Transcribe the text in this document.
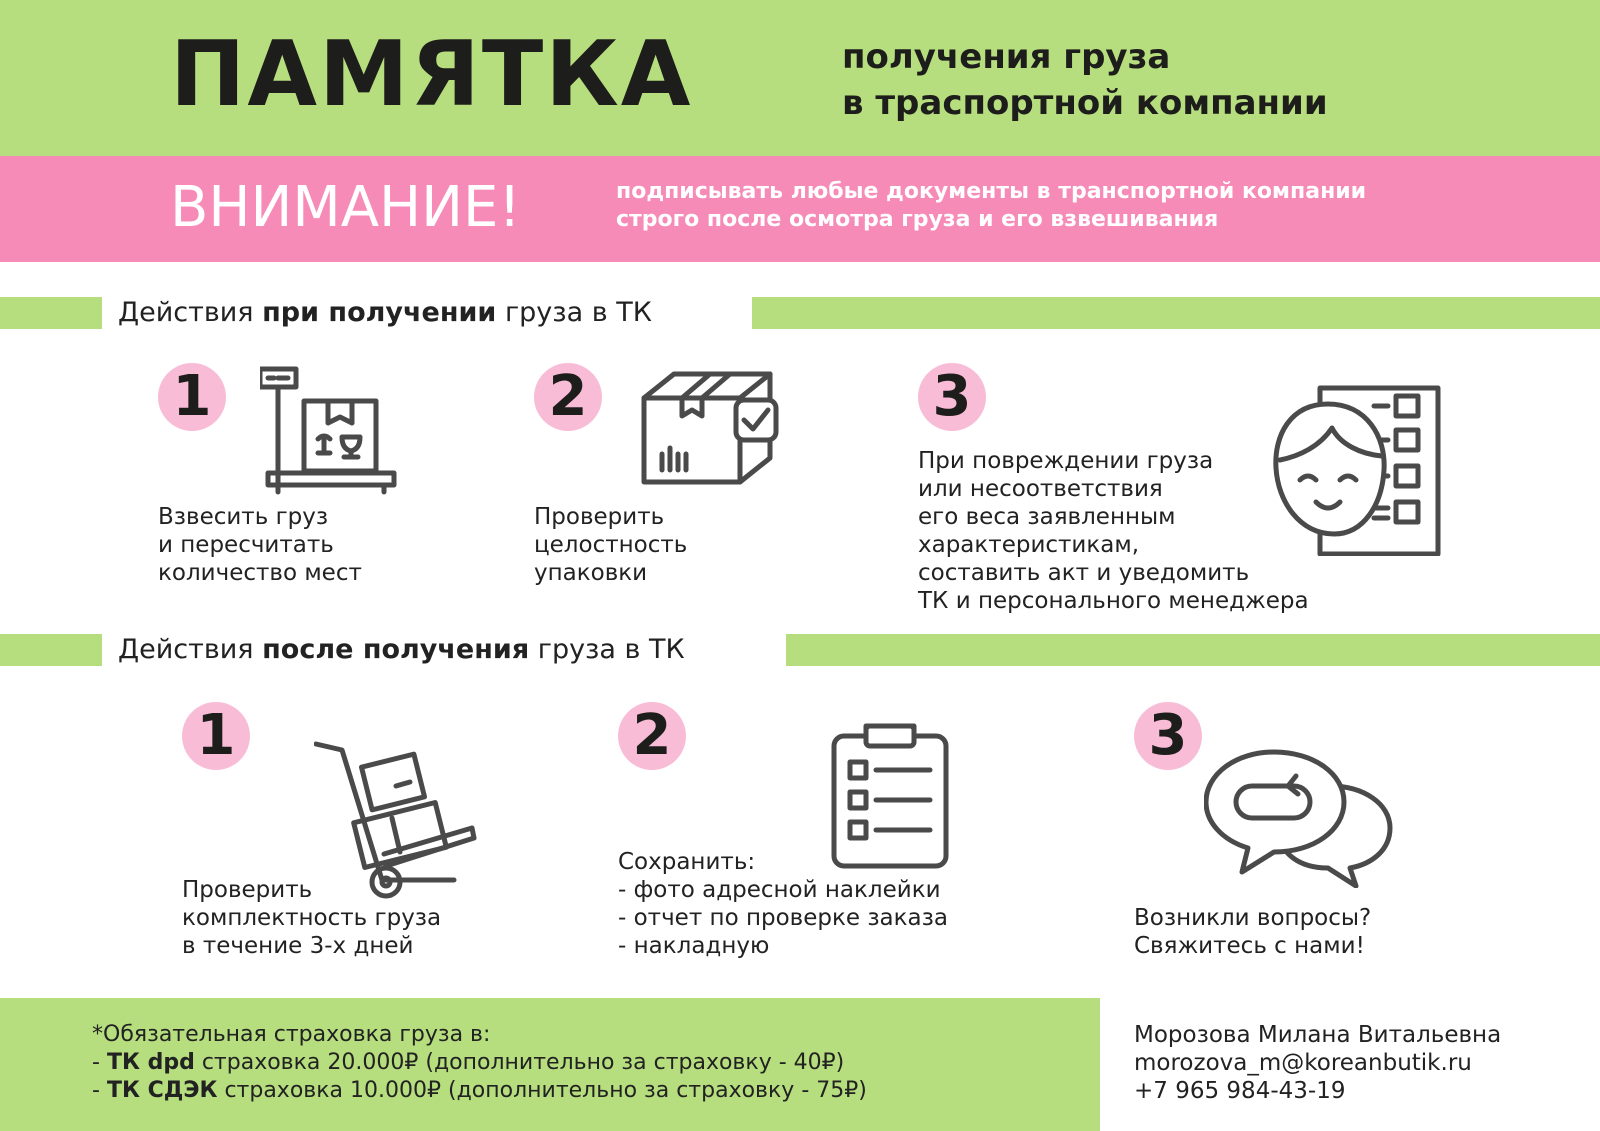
ПАМЯТКА	получения груза
в траспортной компании
ВНИМАНИЕ!	подписывать любые документы в транспортной компании
строго после осмотра груза и его взвешивания
Действия при получении груза в ТК
1
Взвесить груз
и пересчитать
количество мест
2
Проверить
целостность
упаковки
3
При повреждении груза
или несоответствия
его веса заявленным
характеристикам,
составить акт и уведомить
ТК и персонального менеджера
Действия после получения груза в ТК
1
Проверить
комплектность груза
в течение 3-х дней
2
Сохранить:
- фото адресной наклейки
- отчет по проверке заказа
- накладную
3
Возникли вопросы?
Свяжитесь с нами!
*Обязательная страховка груза в:
- ТК dpd страховка 20.000₽ (дополнительно за страховку - 40₽)
- ТК СДЭК страховка 10.000₽ (дополнительно за страховку - 75₽)
Морозова Милана Витальевна
morozova_m@koreanbutik.ru
+7 965 984-43-19
